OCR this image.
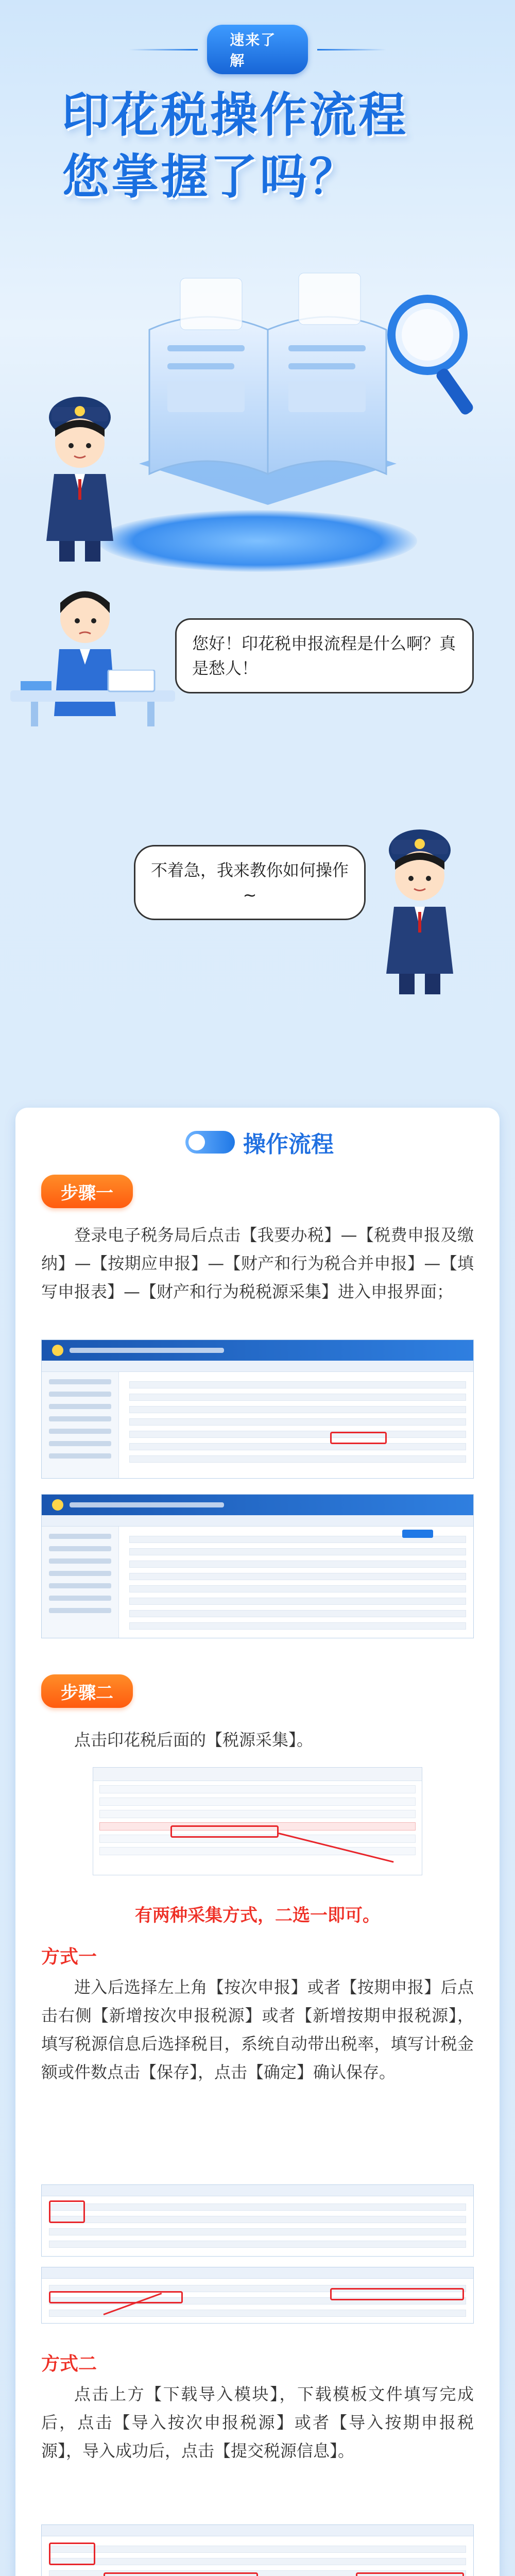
速来了解
印花税操作流程
您掌握了吗？
您好！印花税申报流程是什么啊？真是愁人！
不着急，我来教你如何操作~
操作流程
步骤一
登录电子税务局后点击【我要办税】—【税费申报及缴纳】—【按期应申报】—【财产和行为税合并申报】—【填写申报表】—【财产和行为税税源采集】进入申报界面；
步骤二
点击印花税后面的【税源采集】。
有两种采集方式，二选一即可。
方式一
进入后选择左上角【按次申报】或者【按期申报】后点击右侧【新增按次申报税源】或者【新增按期申报税源】，填写税源信息后选择税目，系统自动带出税率，填写计税金额或件数点击【保存】，点击【确定】确认保存。
方式二
点击上方【下载导入模块】，下载模板文件填写完成后，点击【导入按次申报税源】或者【导入按期申报税源】，导入成功后，点击【提交税源信息】。
